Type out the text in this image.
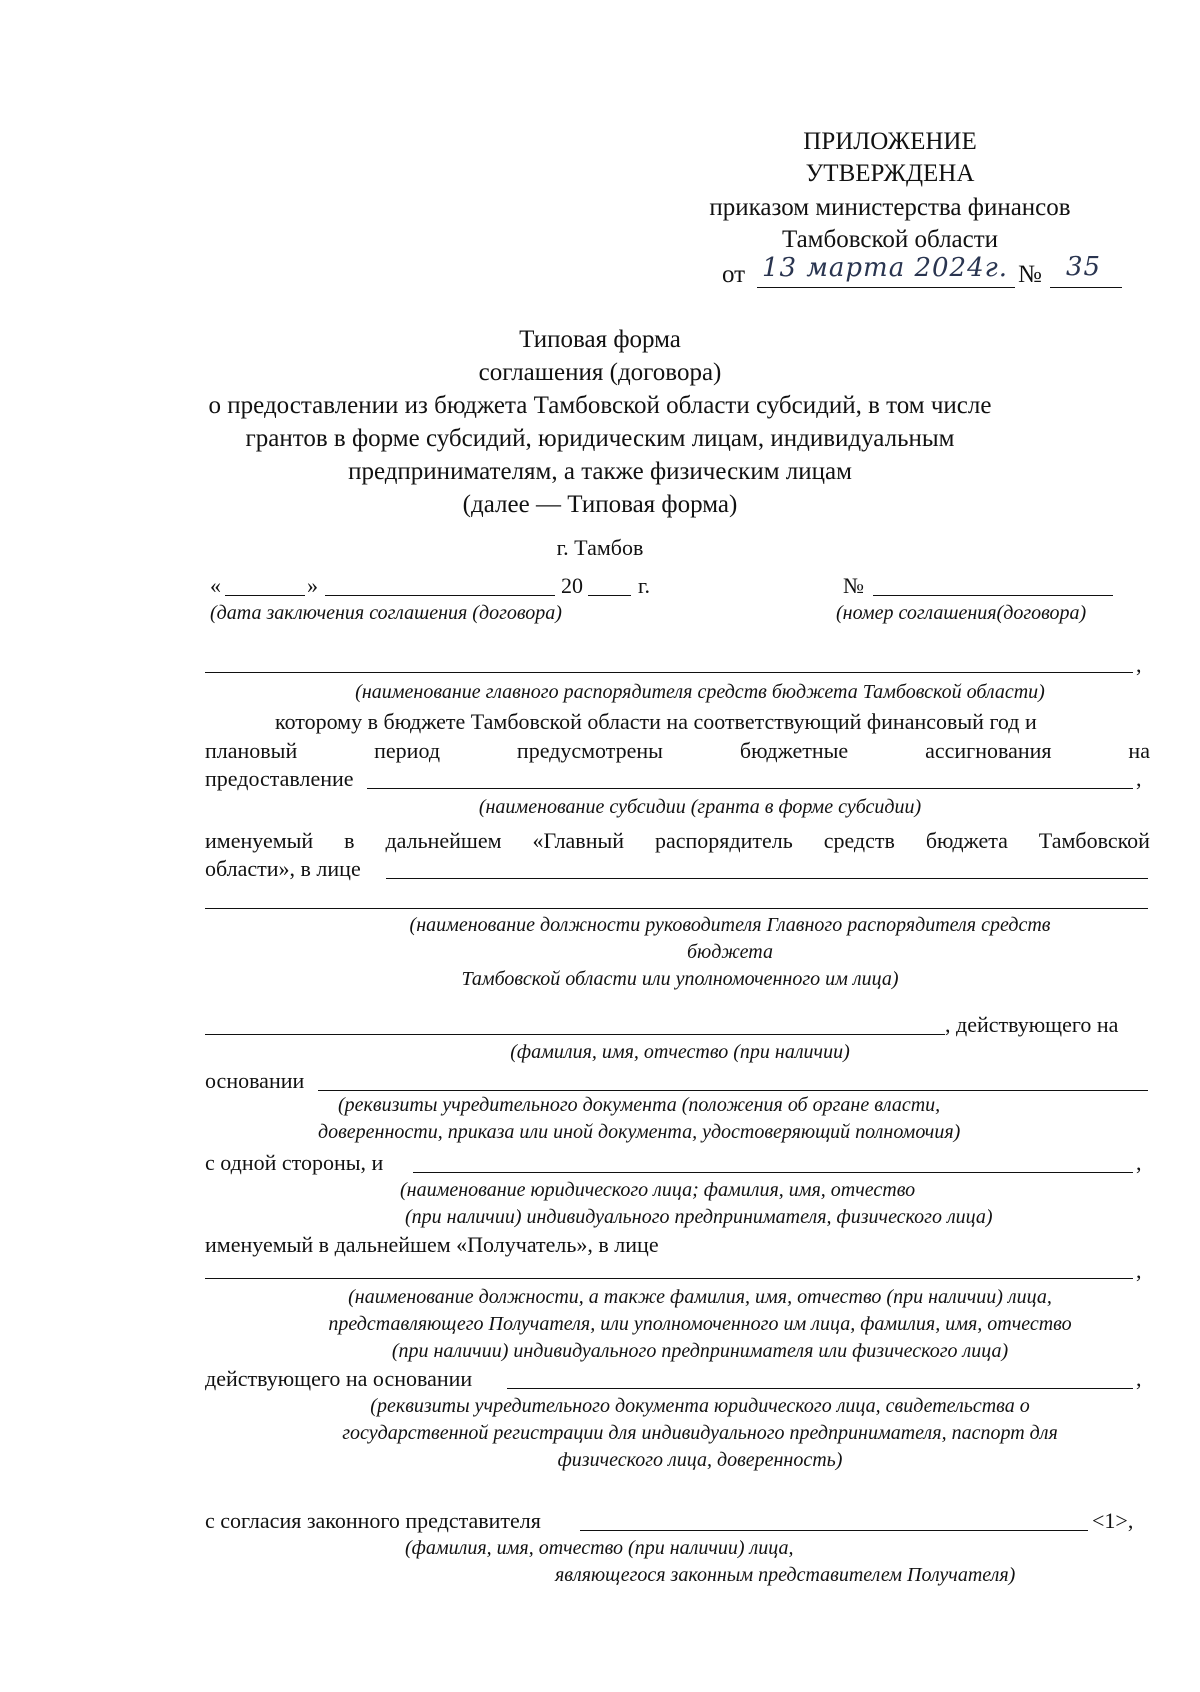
ПРИЛОЖЕНИЕ
УТВЕРЖДЕНА
приказом министерства финансов
Тамбовской области
от 13 марта 2024г. № 35
Типовая форма
соглашения (договора)
о предоставлении из бюджета Тамбовской области субсидий, в том числе
грантов в форме субсидий, юридическим лицам, индивидуальным
предпринимателям, а также физическим лицам
(далее — Типовая форма)
г. Тамбов
«	»	20	г.	№
(дата заключения соглашения (договора)	(номер соглашения(договора)
,
(наименование главного распорядителя средств бюджета Тамбовской области)
которому в бюджете Тамбовской области на соответствующий финансовый год и
плановый	период	предусмотрены	бюджетные	ассигнования	на
предоставление	,
(наименование субсидии (гранта в форме субсидии)
именуемый в дальнейшем «Главный распорядитель средств бюджета Тамбовской
области», в лице
(наименование должности руководителя Главного распорядителя средств
бюджета
Тамбовской области или уполномоченного им лица)
, действующего на
(фамилия, имя, отчество (при наличии)
основании
(реквизиты учредительного документа (положения об органе власти,
доверенности, приказа или иной документа, удостоверяющий полномочия)
с одной стороны, и	,
(наименование юридического лица; фамилия, имя, отчество
(при наличии) индивидуального предпринимателя, физического лица)
именуемый в дальнейшем «Получатель», в лице
,
(наименование должности, а также фамилия, имя, отчество (при наличии) лица,
представляющего Получателя, или уполномоченного им лица, фамилия, имя, отчество
(при наличии) индивидуального предпринимателя или физического лица)
действующего на основании	,
(реквизиты учредительного документа юридического лица, свидетельства о
государственной регистрации для индивидуального предпринимателя, паспорт для
физического лица, доверенность)
с согласия законного представителя	<1>,
(фамилия, имя, отчество (при наличии) лица,
являющегося законным представителем Получателя)
